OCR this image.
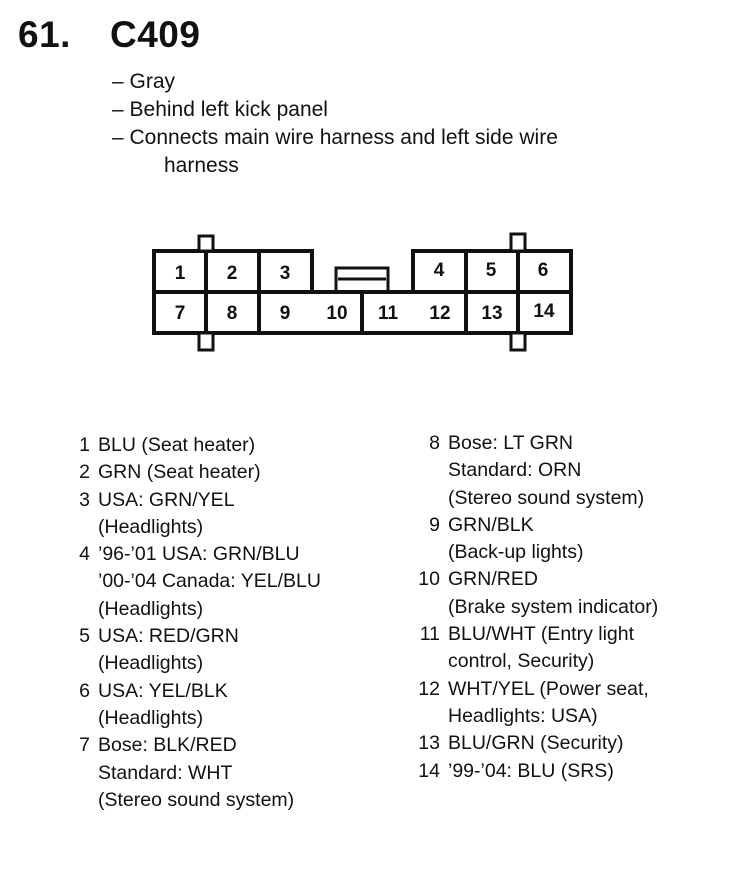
61. C409
– Gray
– Behind left kick panel
– Connects main wire harness and left side wire
harness
1 2 3	4 5 6
7 8 9 10 11 12 13 14
1 BLU (Seat heater)
2 GRN (Seat heater)
3 USA: GRN/YEL
(Headlights)
4 ’96-’01 USA: GRN/BLU
’00-’04 Canada: YEL/BLU
(Headlights)
5 USA: RED/GRN
(Headlights)
6 USA: YEL/BLK
(Headlights)
7 Bose: BLK/RED
Standard: WHT
(Stereo sound system)
8 Bose: LT GRN
Standard: ORN
(Stereo sound system)
9 GRN/BLK
(Back-up lights)
10 GRN/RED
(Brake system indicator)
11 BLU/WHT (Entry light
control, Security)
12 WHT/YEL (Power seat,
Headlights: USA)
13 BLU/GRN (Security)
14 ’99-’04: BLU (SRS)
